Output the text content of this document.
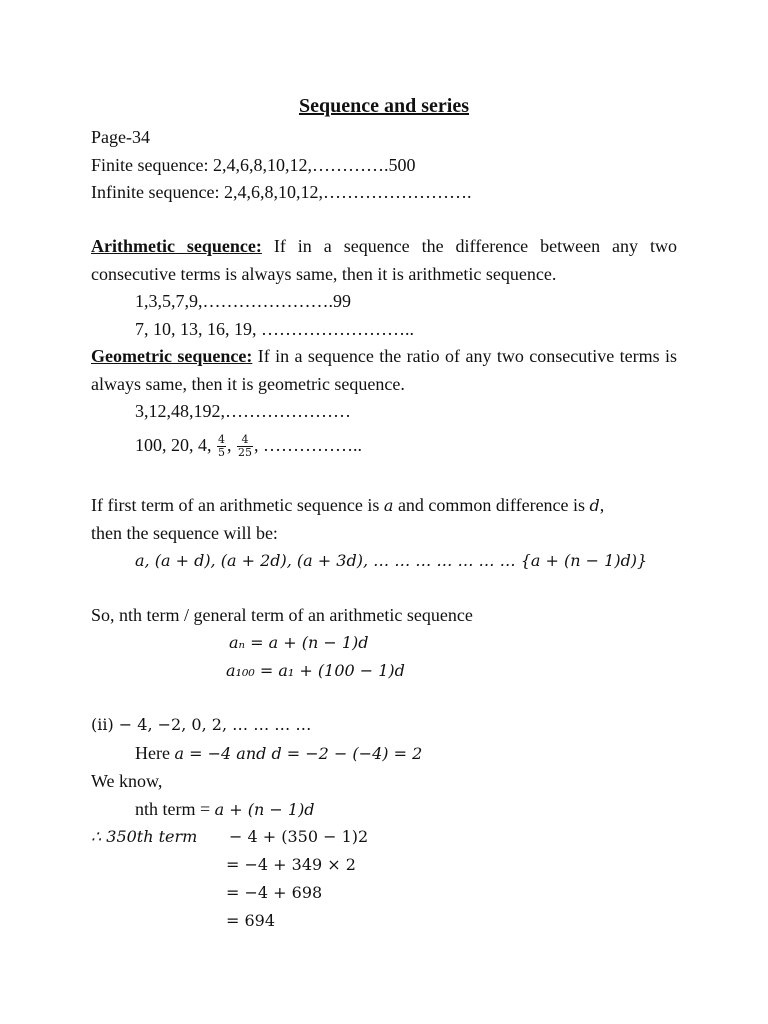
Sequence and series
Page-34
Finite sequence: 2,4,6,8,10,12,………….500
Infinite sequence: 2,4,6,8,10,12,…………………….
Arithmetic sequence: If in a sequence the difference between any two consecutive terms is always same, then it is arithmetic sequence.
1,3,5,7,9,………………….99
7, 10, 13, 16, 19, ……………………..
Geometric sequence: If in a sequence the ratio of any two consecutive terms is always same, then it is geometric sequence.
3,12,48,192,…………………
100, 20, 4, $\frac{4}{5}$ , $\frac{4}{25}$ , ……………..
If first term of an arithmetic sequence is a and common difference is d,
then the sequence will be:
a, (a + d), (a + 2d), (a + 3d), … … … … … … … {a + (n − 1)d)}
So, nth term / general term of an arithmetic sequence
aₙ = a + (n − 1)d
a₁₀₀ = a₁ + (100 − 1)d
(ii) − 4, −2, 0, 2, … … … …
Here a = −4 and d = −2 − (−4) = 2
We know,
nth term = a + (n − 1)d
∴ 350th term − 4 + (350 − 1)2
= −4 + 349 × 2
= −4 + 698
= 694
